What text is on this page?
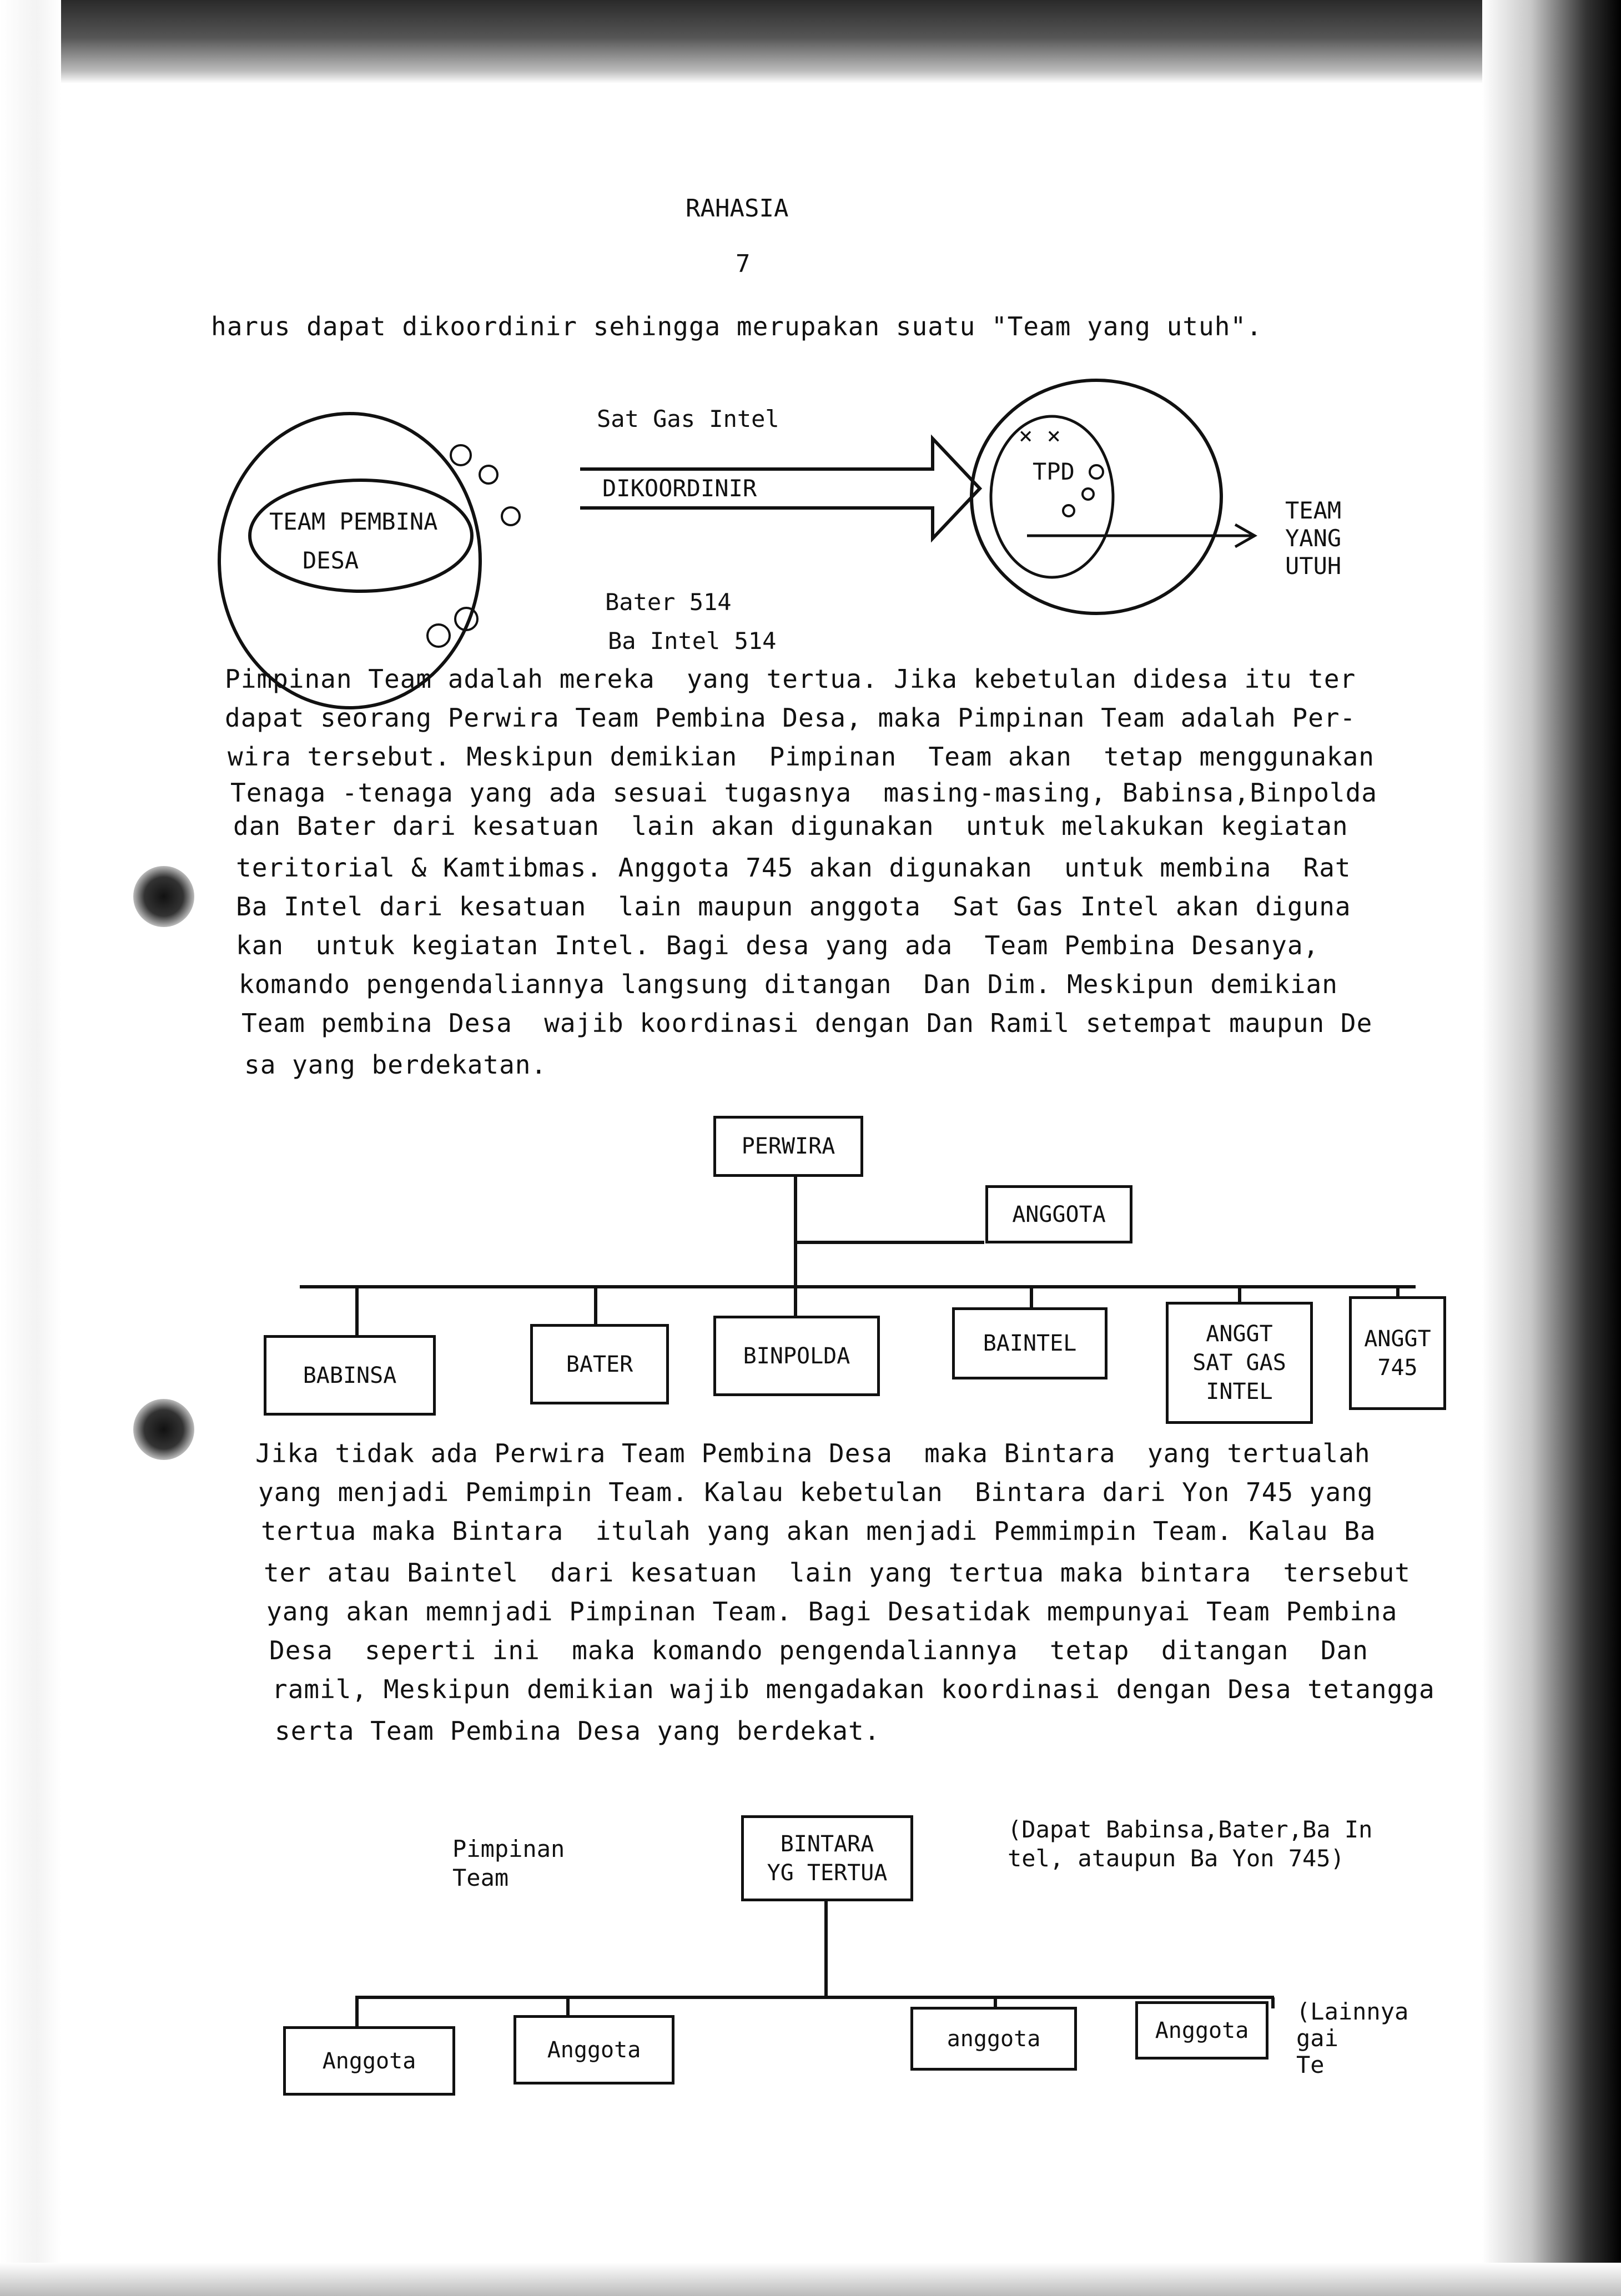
RAHASIA
7
harus dapat dikoordinir sehingga merupakan suatu "Team yang utuh".
TEAM PEMBINA
DESA
Sat Gas Intel
DIKOORDINIR
× ×
TPD
TEAM
YANG
UTUH
Bater 514
Ba Intel 514
Pimpinan Team adalah mereka  yang tertua. Jika kebetulan didesa itu ter
dapat seorang Perwira Team Pembina Desa, maka Pimpinan Team adalah Per-
wira tersebut. Meskipun demikian  Pimpinan  Team akan  tetap menggunakan
Tenaga -tenaga yang ada sesuai tugasnya  masing-masing, Babinsa,Binpolda
dan Bater dari kesatuan  lain akan digunakan  untuk melakukan kegiatan
teritorial & Kamtibmas. Anggota 745 akan digunakan  untuk membina  Rat
Ba Intel dari kesatuan  lain maupun anggota  Sat Gas Intel akan diguna
kan  untuk kegiatan Intel. Bagi desa yang ada  Team Pembina Desanya,
komando pengendaliannya langsung ditangan  Dan Dim. Meskipun demikian
Team pembina Desa  wajib koordinasi dengan Dan Ramil setempat maupun De
sa yang berdekatan.
PERWIRA
ANGGOTA
BABINSA	BATER	BINPOLDA	BAINTEL	ANGGT
SAT GAS
INTEL
ANGGT
745
Jika tidak ada Perwira Team Pembina Desa  maka Bintara  yang tertualah
yang menjadi Pemimpin Team. Kalau kebetulan  Bintara dari Yon 745 yang
tertua maka Bintara  itulah yang akan menjadi Pemmimpin Team. Kalau Ba
ter atau Baintel  dari kesatuan  lain yang tertua maka bintara  tersebut
yang akan memnjadi Pimpinan Team. Bagi Desatidak mempunyai Team Pembina
Desa  seperti ini  maka komando pengendaliannya  tetap  ditangan  Dan
ramil, Meskipun demikian wajib mengadakan koordinasi dengan Desa tetangga
serta Team Pembina Desa yang berdekat.
Pimpinan
Team
BINTARA
YG TERTUA
(Dapat Babinsa,Bater,Ba In
tel, ataupun Ba Yon 745)
Anggota	Anggota	anggota	Anggota
(Lainnya
gai
Te
